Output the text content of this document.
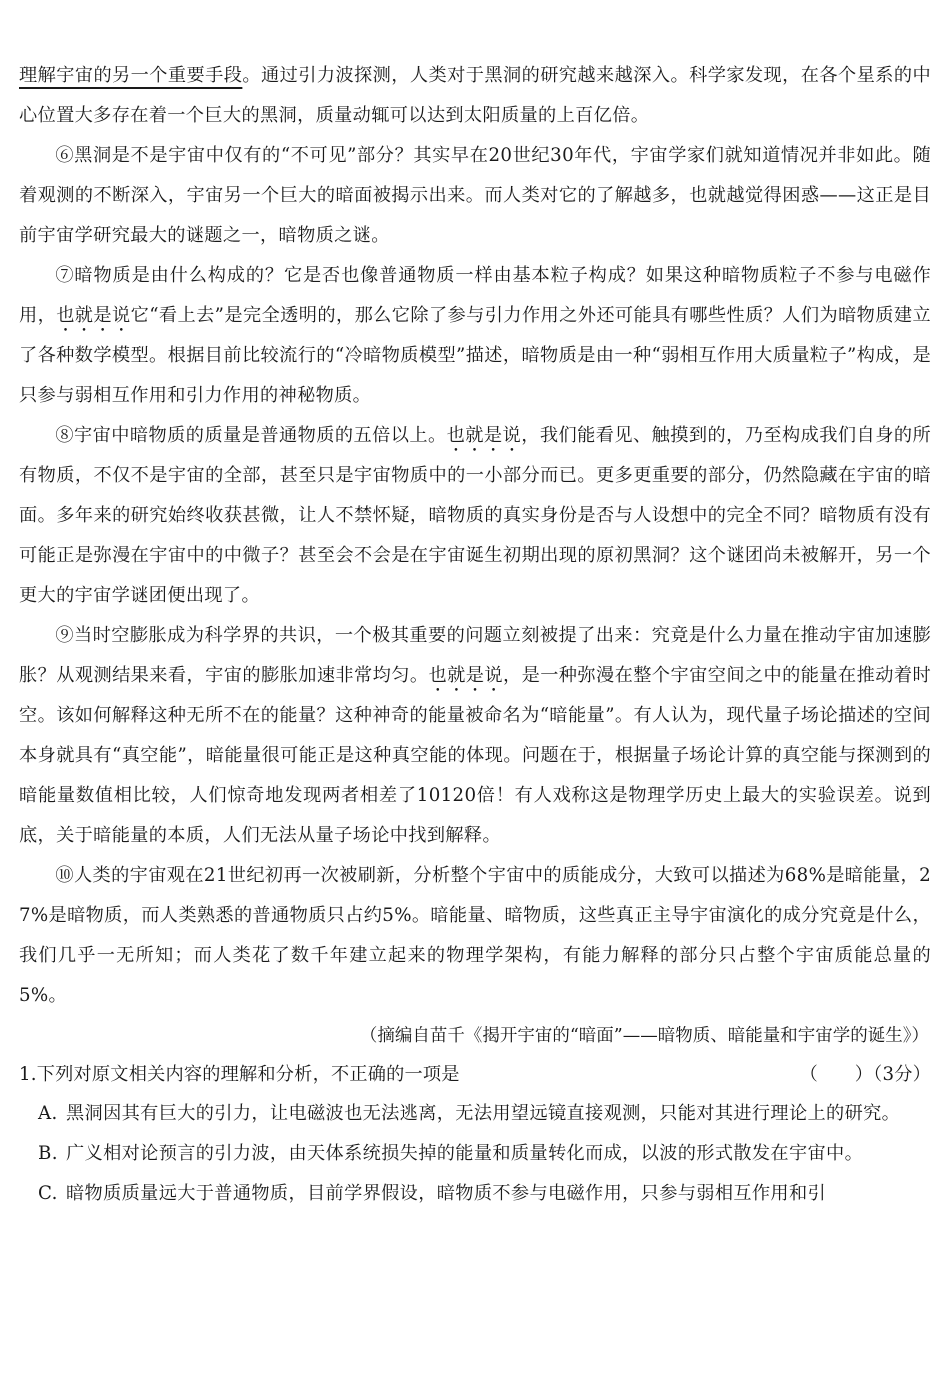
理解宇宙的另一个重要手段。通过引力波探测，人类对于黑洞的研究越来越深入。科学家发现，在各个星系的中心位置大多存在着一个巨大的黑洞，质量动辄可以达到太阳质量的上百亿倍。

⑥黑洞是不是宇宙中仅有的“不可见”部分？其实早在20世纪30年代，宇宙学家们就知道情况并非如此。随着观测的不断深入，宇宙另一个巨大的暗面被揭示出来。而人类对它的了解越多，也就越觉得困惑——这正是目前宇宙学研究最大的谜题之一，暗物质之谜。

⑦暗物质是由什么构成的？它是否也像普通物质一样由基本粒子构成？如果这种暗物质粒子不参与电磁作用，也就是说它“看上去”是完全透明的，那么它除了参与引力作用之外还可能具有哪些性质？人们为暗物质建立了各种数学模型。根据目前比较流行的“冷暗物质模型”描述，暗物质是由一种“弱相互作用大质量粒子”构成，是只参与弱相互作用和引力作用的神秘物质。

⑧宇宙中暗物质的质量是普通物质的五倍以上。也就是说，我们能看见、触摸到的，乃至构成我们自身的所有物质，不仅不是宇宙的全部，甚至只是宇宙物质中的一小部分而已。更多更重要的部分，仍然隐藏在宇宙的暗面。多年来的研究始终收获甚微，让人不禁怀疑，暗物质的真实身份是否与人设想中的完全不同？暗物质有没有可能正是弥漫在宇宙中的中微子？甚至会不会是在宇宙诞生初期出现的原初黑洞？这个谜团尚未被解开，另一个更大的宇宙学谜团便出现了。

⑨当时空膨胀成为科学界的共识，一个极其重要的问题立刻被提了出来：究竟是什么力量在推动宇宙加速膨胀？从观测结果来看，宇宙的膨胀加速非常均匀。也就是说，是一种弥漫在整个宇宙空间之中的能量在推动着时空。该如何解释这种无所不在的能量？这种神奇的能量被命名为“暗能量”。有人认为，现代量子场论描述的空间本身就具有“真空能”，暗能量很可能正是这种真空能的体现。问题在于，根据量子场论计算的真空能与探测到的暗能量数值相比较，人们惊奇地发现两者相差了10120倍！有人戏称这是物理学历史上最大的实验误差。说到底，关于暗能量的本质，人们无法从量子场论中找到解释。

⑩人类的宇宙观在21世纪初再一次被刷新，分析整个宇宙中的质能成分，大致可以描述为68%是暗能量，27%是暗物质，而人类熟悉的普通物质只占约5%。暗能量、暗物质，这些真正主导宇宙演化的成分究竟是什么，我们几乎一无所知；而人类花了数千年建立起来的物理学架构，有能力解释的部分只占整个宇宙质能总量的5%。

（摘编自苗千《揭开宇宙的“暗面”——暗物质、暗能量和宇宙学的诞生》）

1.下列对原文相关内容的理解和分析，不正确的一项是	（　　）（3分）

A. 黑洞因其有巨大的引力，让电磁波也无法逃离，无法用望远镜直接观测，只能对其进行理论上的研究。

B. 广义相对论预言的引力波，由天体系统损失掉的能量和质量转化而成，以波的形式散发在宇宙中。

C. 暗物质质量远大于普通物质，目前学界假设，暗物质不参与电磁作用，只参与弱相互作用和引
